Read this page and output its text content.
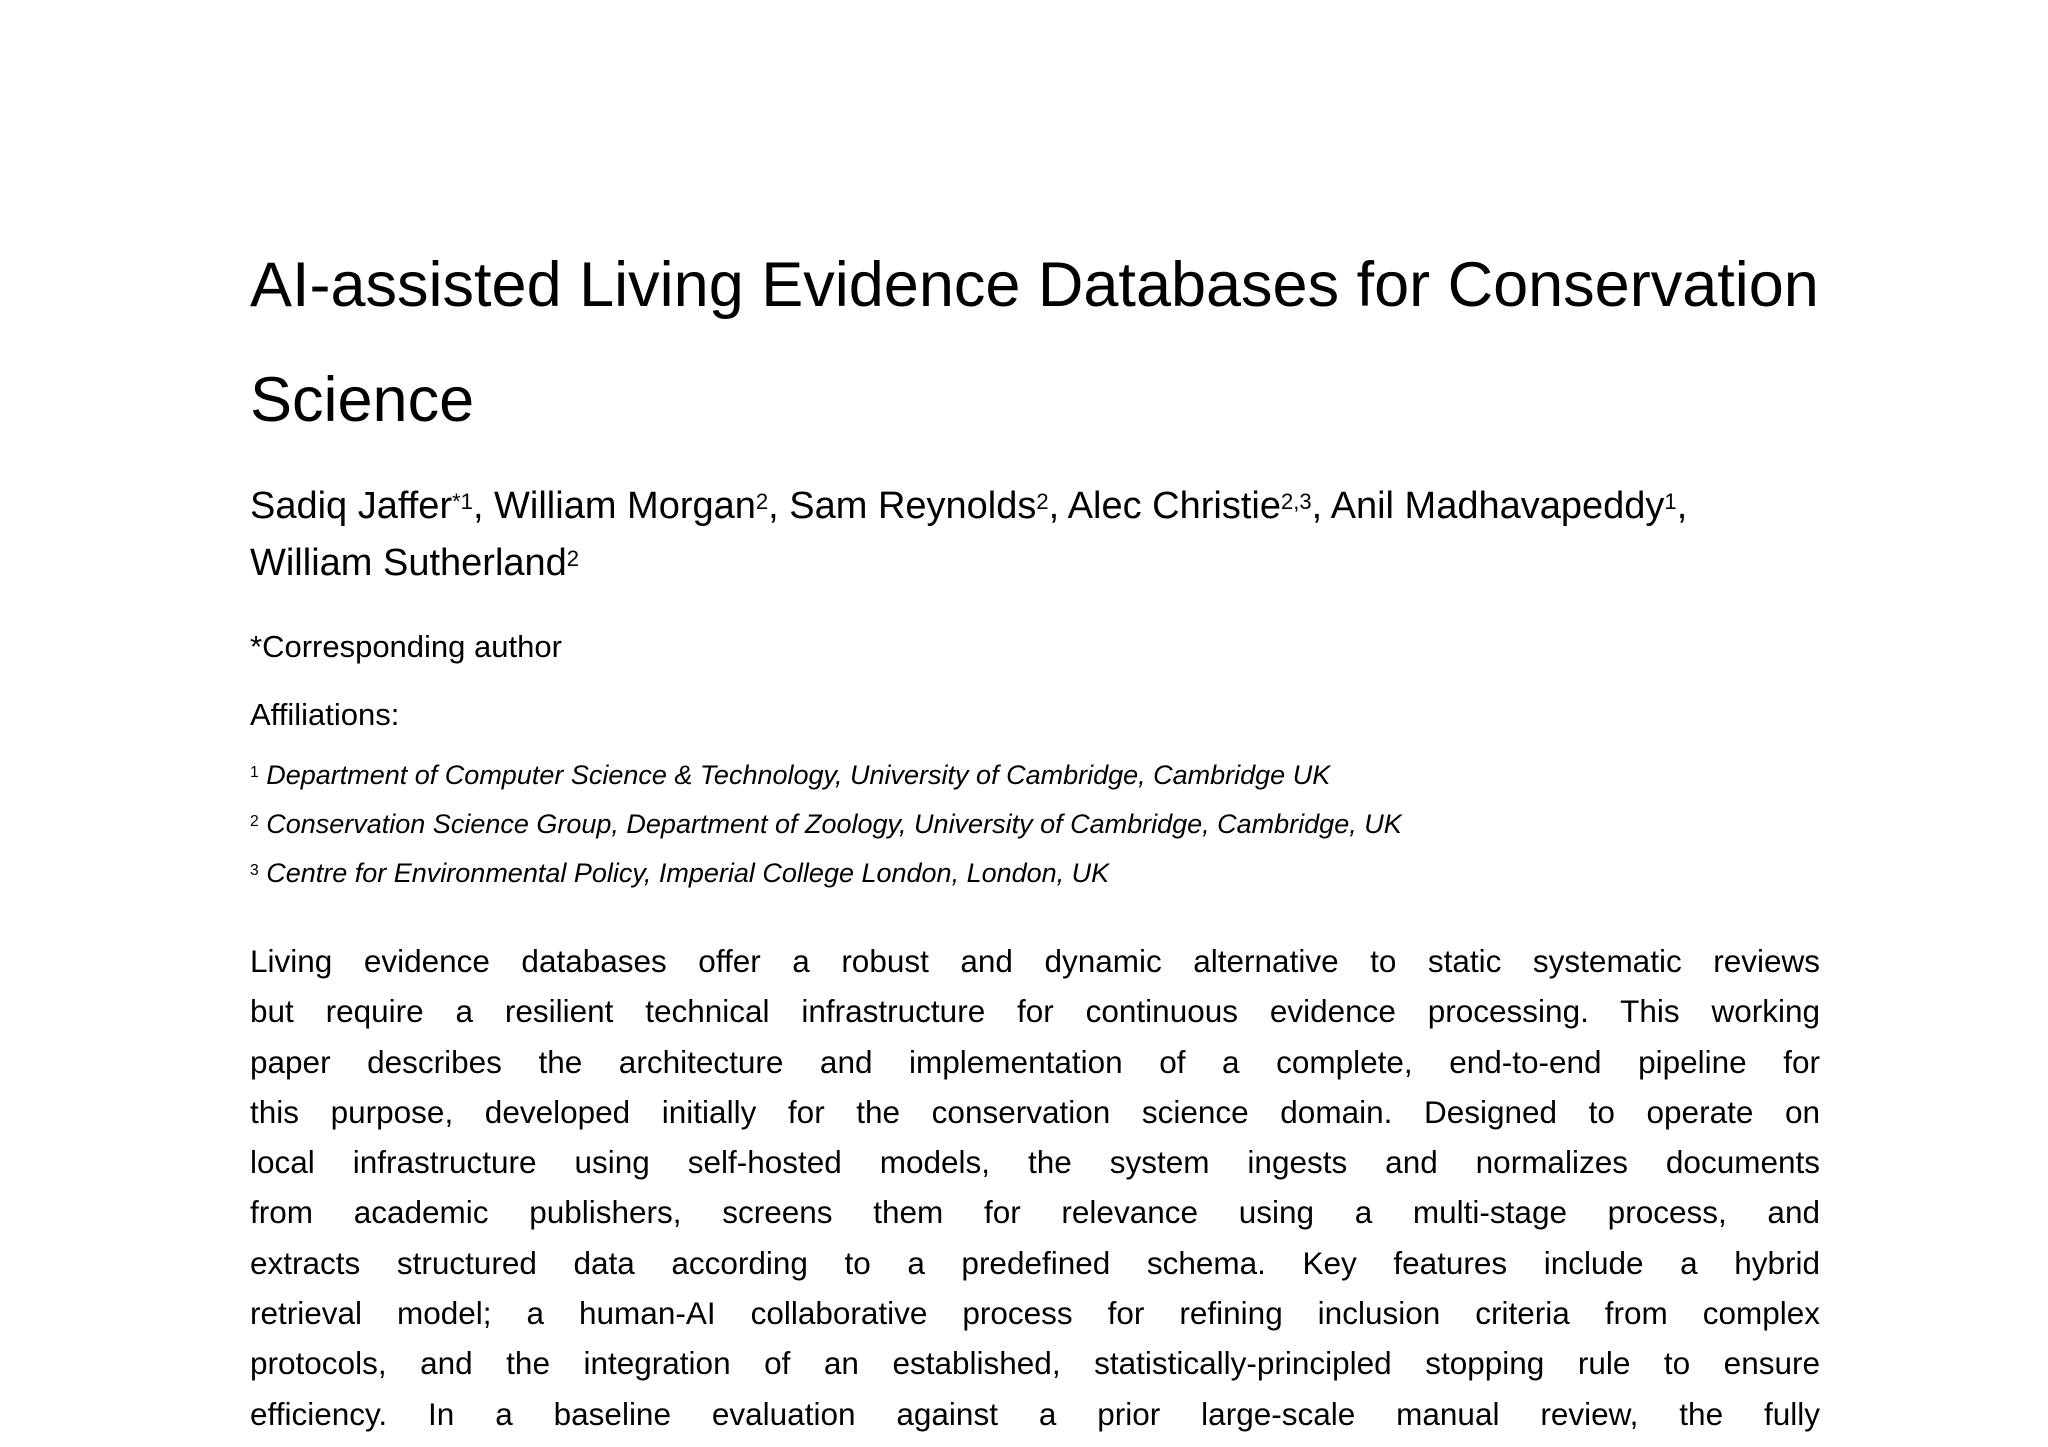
AI-assisted Living Evidence Databases for Conservation
Science
Sadiq Jaffer$^{*1}$, William Morgan$^2$, Sam Reynolds$^2$, Alec Christie$^{2,3}$, Anil Madhavapeddy$^1$,
William Sutherland$^2$
*Corresponding author
Affiliations:
$^1$ Department of Computer Science & Technology, University of Cambridge, Cambridge UK
$^2$ Conservation Science Group, Department of Zoology, University of Cambridge, Cambridge, UK
$^3$ Centre for Environmental Policy, Imperial College London, London, UK
Living evidence databases offer a robust and dynamic alternative to static systematic reviews
but require a resilient technical infrastructure for continuous evidence processing. This working
paper describes the architecture and implementation of a complete, end-to-end pipeline for
this purpose, developed initially for the conservation science domain. Designed to operate on
local infrastructure using self-hosted models, the system ingests and normalizes documents
from academic publishers, screens them for relevance using a multi-stage process, and
extracts structured data according to a predefined schema. Key features include a hybrid
retrieval model; a human-AI collaborative process for refining inclusion criteria from complex
protocols, and the integration of an established, statistically-principled stopping rule to ensure
efficiency. In a baseline evaluation against a prior large-scale manual review, the fully
